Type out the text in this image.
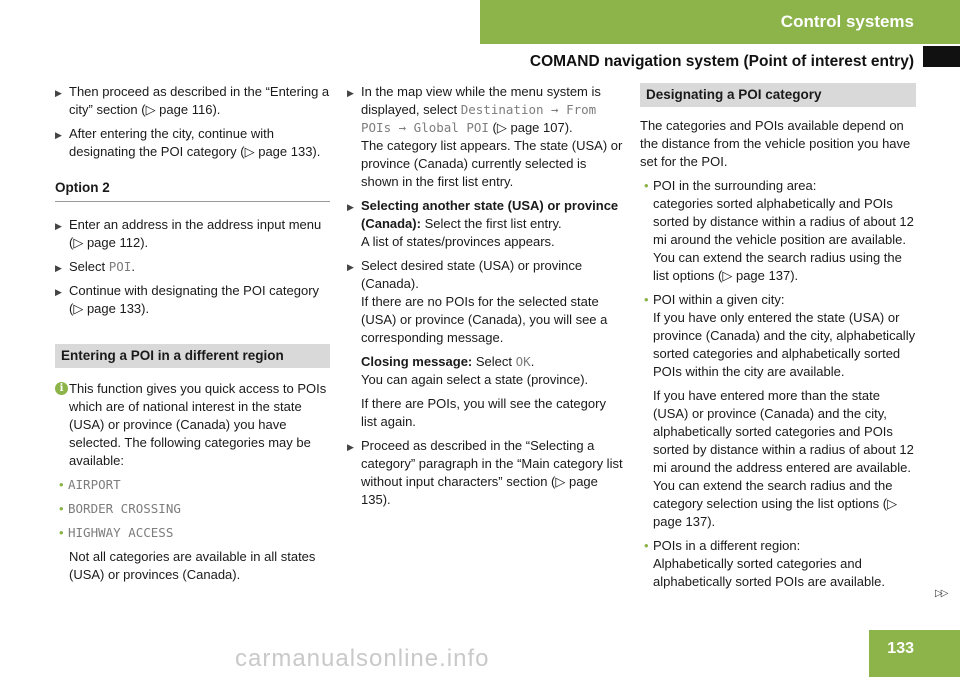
Control systems
COMAND navigation system (Point of interest entry)
▶ Then proceed as described in the “Entering a city” section (▷ page 116).
▶ After entering the city, continue with designating the POI category (▷ page 133).
Option 2
▶ Enter an address in the address input menu (▷ page 112).
▶ Select POI.
▶ Continue with designating the POI category (▷ page 133).
Entering a POI in a different region
i This function gives you quick access to POIs which are of national interest in the state (USA) or province (Canada) you have selected. The following categories may be available:
• AIRPORT
• BORDER CROSSING
• HIGHWAY ACCESS
Not all categories are available in all states (USA) or provinces (Canada).
▶ In the map view while the menu system is displayed, select Destination → From POIs → Global POI (▷ page 107).
The category list appears. The state (USA) or province (Canada) currently selected is shown in the first list entry.
▶ Selecting another state (USA) or province (Canada): Select the first list entry.
A list of states/provinces appears.
▶ Select desired state (USA) or province (Canada).
If there are no POIs for the selected state (USA) or province (Canada), you will see a corresponding message.
Closing message: Select OK.
You can again select a state (province).
If there are POIs, you will see the category list again.
▶ Proceed as described in the “Selecting a category” paragraph in the “Main category list without input characters” section (▷ page 135).
Designating a POI category
The categories and POIs available depend on the distance from the vehicle position you have set for the POI.
• POI in the surrounding area:
categories sorted alphabetically and POIs sorted by distance within a radius of about 12 mi around the vehicle position are available. You can extend the search radius using the list options (▷ page 137).
• POI within a given city:
If you have only entered the state (USA) or province (Canada) and the city, alphabetically sorted categories and alphabetically sorted POIs within the city are available.
If you have entered more than the state (USA) or province (Canada) and the city, alphabetically sorted categories and POIs sorted by distance within a radius of about 12 mi around the address entered are available. You can extend the search radius and the category selection using the list options (▷ page 137).
• POIs in a different region:
Alphabetically sorted categories and alphabetically sorted POIs are available.
▷▷
carmanualsonline.info	133
